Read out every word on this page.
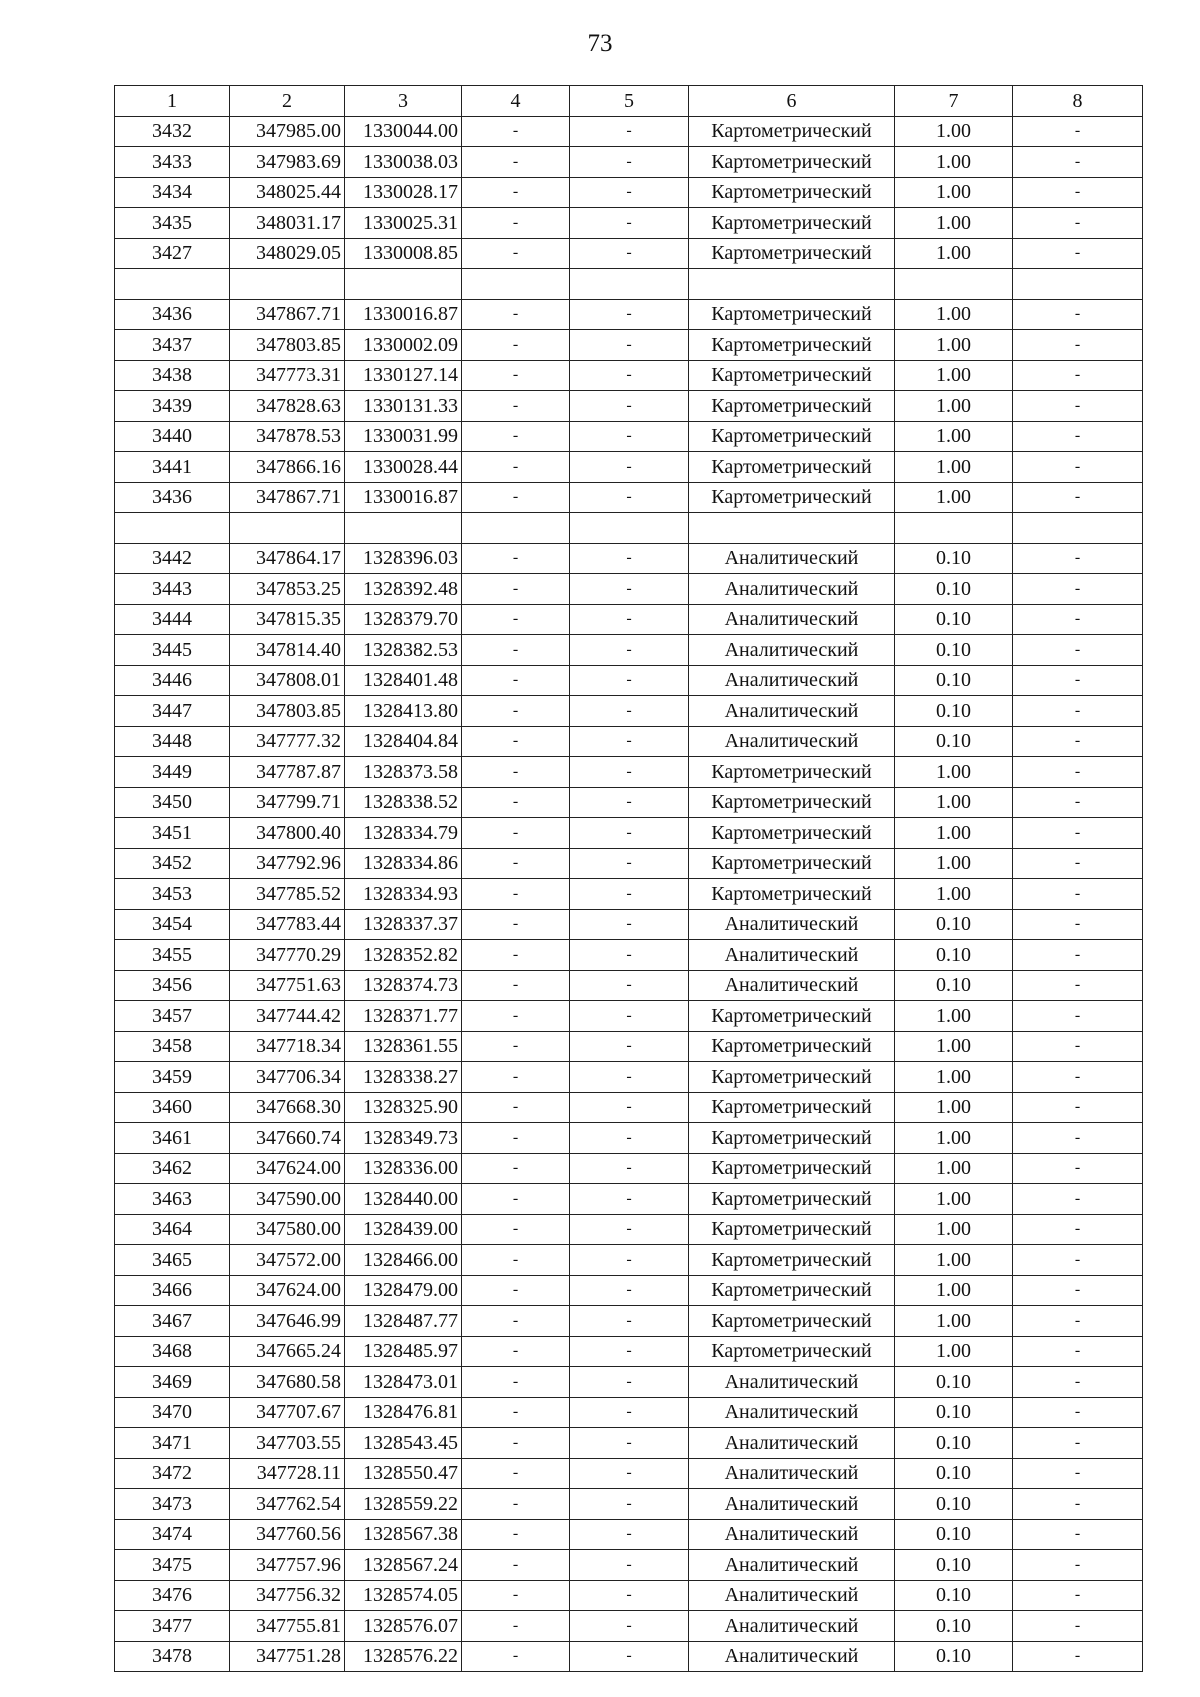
73
1	2	3	4	5	6	7	8
3432	347985.00	1330044.00	-	-	Картометрический	1.00	-
3433	347983.69	1330038.03	-	-	Картометрический	1.00	-
3434	348025.44	1330028.17	-	-	Картометрический	1.00	-
3435	348031.17	1330025.31	-	-	Картометрический	1.00	-
3427	348029.05	1330008.85	-	-	Картометрический	1.00	-

3436	347867.71	1330016.87	-	-	Картометрический	1.00	-
3437	347803.85	1330002.09	-	-	Картометрический	1.00	-
3438	347773.31	1330127.14	-	-	Картометрический	1.00	-
3439	347828.63	1330131.33	-	-	Картометрический	1.00	-
3440	347878.53	1330031.99	-	-	Картометрический	1.00	-
3441	347866.16	1330028.44	-	-	Картометрический	1.00	-
3436	347867.71	1330016.87	-	-	Картометрический	1.00	-

3442	347864.17	1328396.03	-	-	Аналитический	0.10	-
3443	347853.25	1328392.48	-	-	Аналитический	0.10	-
3444	347815.35	1328379.70	-	-	Аналитический	0.10	-
3445	347814.40	1328382.53	-	-	Аналитический	0.10	-
3446	347808.01	1328401.48	-	-	Аналитический	0.10	-
3447	347803.85	1328413.80	-	-	Аналитический	0.10	-
3448	347777.32	1328404.84	-	-	Аналитический	0.10	-
3449	347787.87	1328373.58	-	-	Картометрический	1.00	-
3450	347799.71	1328338.52	-	-	Картометрический	1.00	-
3451	347800.40	1328334.79	-	-	Картометрический	1.00	-
3452	347792.96	1328334.86	-	-	Картометрический	1.00	-
3453	347785.52	1328334.93	-	-	Картометрический	1.00	-
3454	347783.44	1328337.37	-	-	Аналитический	0.10	-
3455	347770.29	1328352.82	-	-	Аналитический	0.10	-
3456	347751.63	1328374.73	-	-	Аналитический	0.10	-
3457	347744.42	1328371.77	-	-	Картометрический	1.00	-
3458	347718.34	1328361.55	-	-	Картометрический	1.00	-
3459	347706.34	1328338.27	-	-	Картометрический	1.00	-
3460	347668.30	1328325.90	-	-	Картометрический	1.00	-
3461	347660.74	1328349.73	-	-	Картометрический	1.00	-
3462	347624.00	1328336.00	-	-	Картометрический	1.00	-
3463	347590.00	1328440.00	-	-	Картометрический	1.00	-
3464	347580.00	1328439.00	-	-	Картометрический	1.00	-
3465	347572.00	1328466.00	-	-	Картометрический	1.00	-
3466	347624.00	1328479.00	-	-	Картометрический	1.00	-
3467	347646.99	1328487.77	-	-	Картометрический	1.00	-
3468	347665.24	1328485.97	-	-	Картометрический	1.00	-
3469	347680.58	1328473.01	-	-	Аналитический	0.10	-
3470	347707.67	1328476.81	-	-	Аналитический	0.10	-
3471	347703.55	1328543.45	-	-	Аналитический	0.10	-
3472	347728.11	1328550.47	-	-	Аналитический	0.10	-
3473	347762.54	1328559.22	-	-	Аналитический	0.10	-
3474	347760.56	1328567.38	-	-	Аналитический	0.10	-
3475	347757.96	1328567.24	-	-	Аналитический	0.10	-
3476	347756.32	1328574.05	-	-	Аналитический	0.10	-
3477	347755.81	1328576.07	-	-	Аналитический	0.10	-
3478	347751.28	1328576.22	-	-	Аналитический	0.10	-
